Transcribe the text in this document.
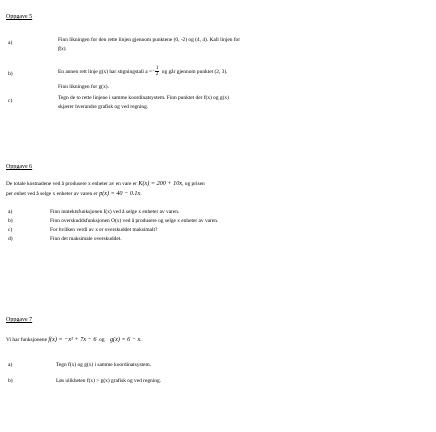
Oppgave 5
a)	Finn likningen for den rette linjen gjennom punktene (0, -2) og (4, 4). Kall linjen for
f(x).
b)	En annen rett linje g(x) har stigningstall $a =- \frac{1}{2}$ og går gjennom punktet (2, 3).
Finn likningen for g(x).
c)	Tegn de to rette linjene i samme koordinatsystem. Finn punktet der f(x) og g(x)
skjærer hverandre grafisk og ved regning.
Oppgave 6
De totale kostnadene ved å produsere x enheter av en vare er K(x) = 200 + 10x, og prisen
per enhet ved å selge x enheter av varen er p(x) = 40 − 0.1x.
a)	Finn inntektsfunksjonen I(x) ved å selge x enheter av varen.
b)	Finn overskuddsfunksjonen O(x) ved å produsere og selge x enheter av varen.
c)	For hvilken verdi av x er overskuddet maksimalt?
d)	Finn det maksimale overskuddet.
Oppgave 7
Vi har funksjonene f(x) = −x² + 7x − 6 og g(x) = 6 − x.
a)	Tegn f(x) og g(x) i samme koordinatsystem.
b)	Løs ulikheten f(x) > g(x) grafisk og ved regning.
